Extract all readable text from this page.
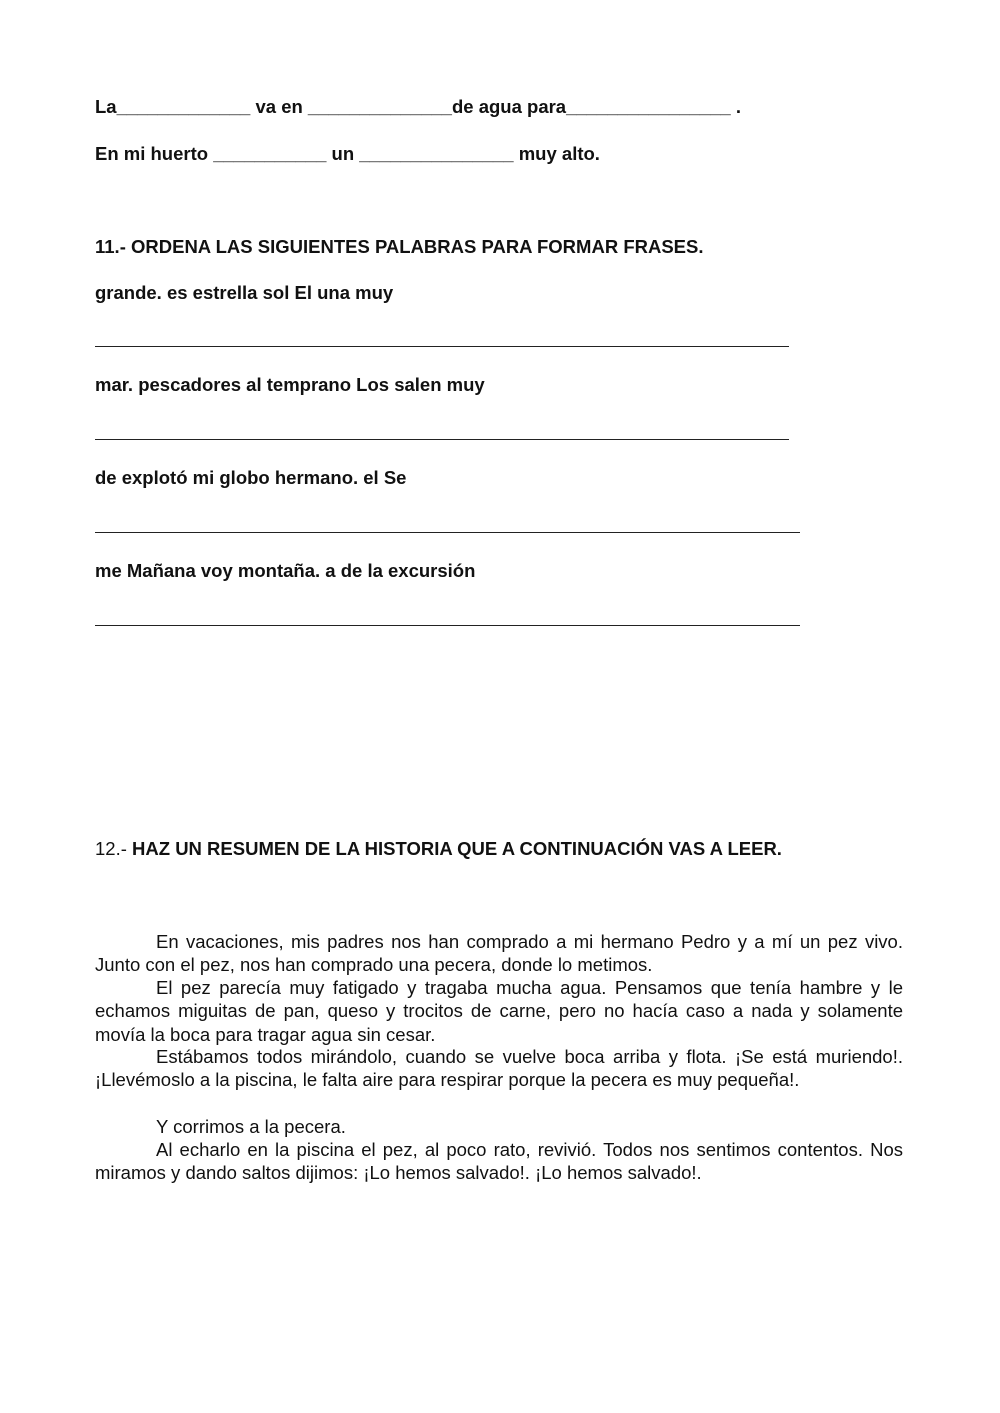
La_____________ va en ______________de agua para________________ .
En mi huerto ___________ un _______________ muy alto.
11.- ORDENA LAS SIGUIENTES PALABRAS PARA FORMAR FRASES.
grande. es estrella sol El una muy
mar. pescadores al temprano Los salen muy
de explotó mi globo hermano. el Se
me Mañana voy montaña. a de la excursión
12.- HAZ UN RESUMEN DE LA HISTORIA QUE A CONTINUACIÓN VAS A LEER.

En vacaciones, mis padres nos han comprado a mi hermano Pedro y a mí un pez vivo. Junto con el pez, nos han comprado una pecera, donde lo metimos.

El pez parecía muy fatigado y tragaba mucha agua. Pensamos que tenía hambre y le echamos miguitas de pan, queso y trocitos de carne, pero no hacía caso a nada y solamente movía la boca para tragar agua sin cesar.

Estábamos todos mirándolo, cuando se vuelve boca arriba y flota. ¡Se está muriendo!. ¡Llevémoslo a la piscina, le falta aire para respirar porque la pecera es muy pequeña!.

Y corrimos a la pecera.

Al echarlo en la piscina el pez, al poco rato, revivió. Todos nos sentimos contentos. Nos miramos y dando saltos dijimos: ¡Lo hemos salvado!. ¡Lo hemos salvado!.
